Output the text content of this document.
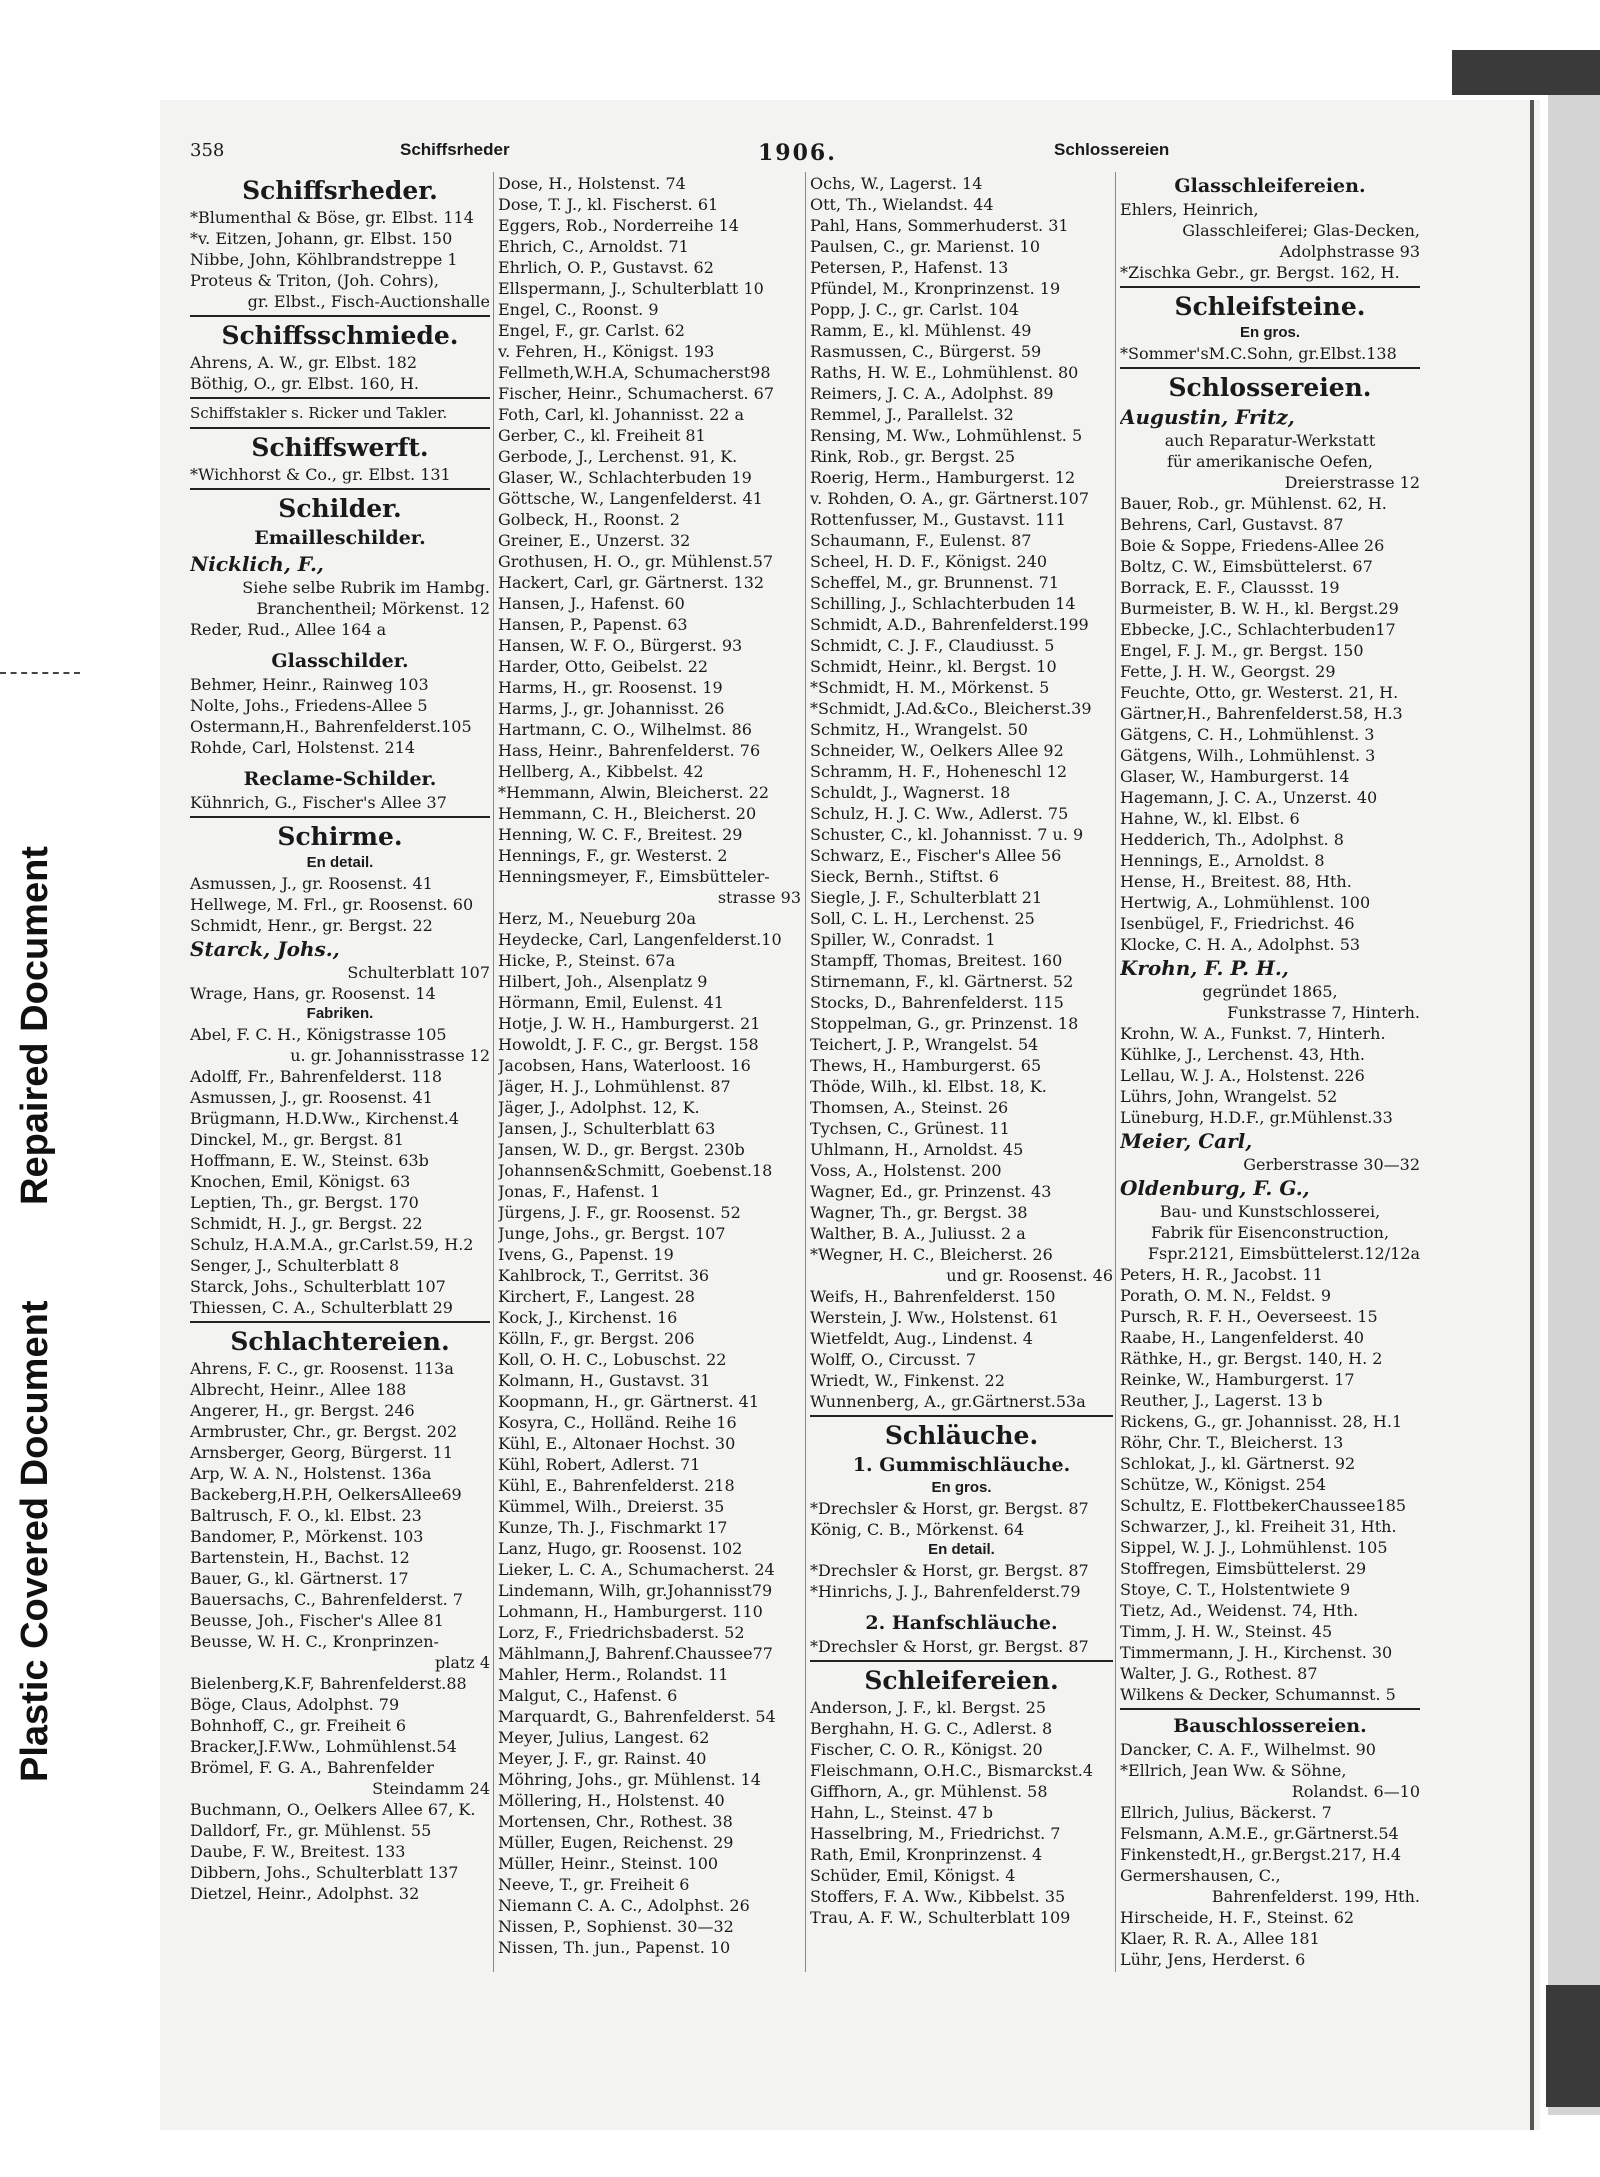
Plastic Covered Document
Repaired Document
358	Schiffsrheder	1906.	Schlossereien
Schiffsrheder.
*Blumenthal & Böse, gr. Elbst. 114
*v. Eitzen, Johann, gr. Elbst. 150
Nibbe, John, Köhlbrandstreppe 1
Proteus & Triton, (Joh. Cohrs),
gr. Elbst., Fisch-Auctionshalle
Schiffsschmiede.
Ahrens, A. W., gr. Elbst. 182
Böthig, O., gr. Elbst. 160, H.
Schiffstakler s. Ricker und Takler.
Schiffswerft.
*Wichhorst & Co., gr. Elbst. 131
Schilder.
Emailleschilder.
Nicklich, F.,
Siehe selbe Rubrik im Hambg.
Branchentheil; Mörkenst. 12
Reder, Rud., Allee 164 a
Glasschilder.
Behmer, Heinr., Rainweg 103
Nolte, Johs., Friedens-Allee 5
Ostermann,H., Bahrenfelderst.105
Rohde, Carl, Holstenst. 214
Reclame-Schilder.
Kühnrich, G., Fischer's Allee 37
Schirme.
En detail.
Asmussen, J., gr. Roosenst. 41
Hellwege, M. Frl., gr. Roosenst. 60
Schmidt, Henr., gr. Bergst. 22
Starck, Johs.,
Schulterblatt 107
Wrage, Hans, gr. Roosenst. 14
Fabriken.
Abel, F. C. H., Königstrasse 105
u. gr. Johannisstrasse 12
Adolff, Fr., Bahrenfelderst. 118
Asmussen, J., gr. Roosenst. 41
Brügmann, H.D.Ww., Kirchenst.4
Dinckel, M., gr. Bergst. 81
Hoffmann, E. W., Steinst. 63b
Knochen, Emil, Königst. 63
Leptien, Th., gr. Bergst. 170
Schmidt, H. J., gr. Bergst. 22
Schulz, H.A.M.A., gr.Carlst.59, H.2
Senger, J., Schulterblatt 8
Starck, Johs., Schulterblatt 107
Thiessen, C. A., Schulterblatt 29
Schlachtereien.
Ahrens, F. C., gr. Roosenst. 113a
Albrecht, Heinr., Allee 188
Angerer, H., gr. Bergst. 246
Armbruster, Chr., gr. Bergst. 202
Arnsberger, Georg, Bürgerst. 11
Arp, W. A. N., Holstenst. 136a
Backeberg,H.P.H, OelkersAllee69
Baltrusch, F. O., kl. Elbst. 23
Bandomer, P., Mörkenst. 103
Bartenstein, H., Bachst. 12
Bauer, G., kl. Gärtnerst. 17
Bauersachs, C., Bahrenfelderst. 7
Beusse, Joh., Fischer's Allee 81
Beusse, W. H. C., Kronprinzen-
platz 4
Bielenberg,K.F, Bahrenfelderst.88
Böge, Claus, Adolphst. 79
Bohnhoff, C., gr. Freiheit 6
Bracker,J.F.Ww., Lohmühlenst.54
Brömel, F. G. A., Bahrenfelder
Steindamm 24
Buchmann, O., Oelkers Allee 67, K.
Dalldorf, Fr., gr. Mühlenst. 55
Daube, F. W., Breitest. 133
Dibbern, Johs., Schulterblatt 137
Dietzel, Heinr., Adolphst. 32
Dose, H., Holstenst. 74
Dose, T. J., kl. Fischerst. 61
Eggers, Rob., Norderreihe 14
Ehrich, C., Arnoldst. 71
Ehrlich, O. P., Gustavst. 62
Ellspermann, J., Schulterblatt 10
Engel, C., Roonst. 9
Engel, F., gr. Carlst. 62
v. Fehren, H., Königst. 193
Fellmeth,W.H.A, Schumacherst98
Fischer, Heinr., Schumacherst. 67
Foth, Carl, kl. Johannisst. 22 a
Gerber, C., kl. Freiheit 81
Gerbode, J., Lerchenst. 91, K.
Glaser, W., Schlachterbuden 19
Göttsche, W., Langenfelderst. 41
Golbeck, H., Roonst. 2
Greiner, E., Unzerst. 32
Grothusen, H. O., gr. Mühlenst.57
Hackert, Carl, gr. Gärtnerst. 132
Hansen, J., Hafenst. 60
Hansen, P., Papenst. 63
Hansen, W. F. O., Bürgerst. 93
Harder, Otto, Geibelst. 22
Harms, H., gr. Roosenst. 19
Harms, J., gr. Johannisst. 26
Hartmann, C. O., Wilhelmst. 86
Hass, Heinr., Bahrenfelderst. 76
Hellberg, A., Kibbelst. 42
*Hemmann, Alwin, Bleicherst. 22
Hemmann, C. H., Bleicherst. 20
Henning, W. C. F., Breitest. 29
Hennings, F., gr. Westerst. 2
Henningsmeyer, F., Eimsbütteler-
strasse 93
Herz, M., Neueburg 20a
Heydecke, Carl, Langenfelderst.10
Hicke, P., Steinst. 67a
Hilbert, Joh., Alsenplatz 9
Hörmann, Emil, Eulenst. 41
Hotje, J. W. H., Hamburgerst. 21
Howoldt, J. F. C., gr. Bergst. 158
Jacobsen, Hans, Waterloost. 16
Jäger, H. J., Lohmühlenst. 87
Jäger, J., Adolphst. 12, K.
Jansen, J., Schulterblatt 63
Jansen, W. D., gr. Bergst. 230b
Johannsen&Schmitt, Goebenst.18
Jonas, F., Hafenst. 1
Jürgens, J. F., gr. Roosenst. 52
Junge, Johs., gr. Bergst. 107
Ivens, G., Papenst. 19
Kahlbrock, T., Gerritst. 36
Kirchert, F., Langest. 28
Kock, J., Kirchenst. 16
Kölln, F., gr. Bergst. 206
Koll, O. H. C., Lobuschst. 22
Kolmann, H., Gustavst. 31
Koopmann, H., gr. Gärtnerst. 41
Kosyra, C., Holländ. Reihe 16
Kühl, E., Altonaer Hochst. 30
Kühl, Robert, Adlerst. 71
Kühl, E., Bahrenfelderst. 218
Kümmel, Wilh., Dreierst. 35
Kunze, Th. J., Fischmarkt 17
Lanz, Hugo, gr. Roosenst. 102
Lieker, L. C. A., Schumacherst. 24
Lindemann, Wilh, gr.Johannisst79
Lohmann, H., Hamburgerst. 110
Lorz, F., Friedrichsbaderst. 52
Mählmann,J, Bahrenf.Chaussee77
Mahler, Herm., Rolandst. 11
Malgut, C., Hafenst. 6
Marquardt, G., Bahrenfelderst. 54
Meyer, Julius, Langest. 62
Meyer, J. F., gr. Rainst. 40
Möhring, Johs., gr. Mühlenst. 14
Möllering, H., Holstenst. 40
Mortensen, Chr., Rothest. 38
Müller, Eugen, Reichenst. 29
Müller, Heinr., Steinst. 100
Neeve, T., gr. Freiheit 6
Niemann C. A. C., Adolphst. 26
Nissen, P., Sophienst. 30—32
Nissen, Th. jun., Papenst. 10
Ochs, W., Lagerst. 14
Ott, Th., Wielandst. 44
Pahl, Hans, Sommerhuderst. 31
Paulsen, C., gr. Marienst. 10
Petersen, P., Hafenst. 13
Pfündel, M., Kronprinzenst. 19
Popp, J. C., gr. Carlst. 104
Ramm, E., kl. Mühlenst. 49
Rasmussen, C., Bürgerst. 59
Raths, H. W. E., Lohmühlenst. 80
Reimers, J. C. A., Adolphst. 89
Remmel, J., Parallelst. 32
Rensing, M. Ww., Lohmühlenst. 5
Rink, Rob., gr. Bergst. 25
Roerig, Herm., Hamburgerst. 12
v. Rohden, O. A., gr. Gärtnerst.107
Rottenfusser, M., Gustavst. 111
Schaumann, F., Eulenst. 87
Scheel, H. D. F., Königst. 240
Scheffel, M., gr. Brunnenst. 71
Schilling, J., Schlachterbuden 14
Schmidt, A.D., Bahrenfelderst.199
Schmidt, C. J. F., Claudiusst. 5
Schmidt, Heinr., kl. Bergst. 10
*Schmidt, H. M., Mörkenst. 5
*Schmidt, J.Ad.&Co., Bleicherst.39
Schmitz, H., Wrangelst. 50
Schneider, W., Oelkers Allee 92
Schramm, H. F., Hoheneschl 12
Schuldt, J., Wagnerst. 18
Schulz, H. J. C. Ww., Adlerst. 75
Schuster, C., kl. Johannisst. 7 u. 9
Schwarz, E., Fischer's Allee 56
Sieck, Bernh., Stiftst. 6
Siegle, J. F., Schulterblatt 21
Soll, C. L. H., Lerchenst. 25
Spiller, W., Conradst. 1
Stampff, Thomas, Breitest. 160
Stirnemann, F., kl. Gärtnerst. 52
Stocks, D., Bahrenfelderst. 115
Stoppelman, G., gr. Prinzenst. 18
Teichert, J. P., Wrangelst. 54
Thews, H., Hamburgerst. 65
Thöde, Wilh., kl. Elbst. 18, K.
Thomsen, A., Steinst. 26
Tychsen, C., Grünest. 11
Uhlmann, H., Arnoldst. 45
Voss, A., Holstenst. 200
Wagner, Ed., gr. Prinzenst. 43
Wagner, Th., gr. Bergst. 38
Walther, B. A., Juliusst. 2 a
*Wegner, H. C., Bleicherst. 26
und gr. Roosenst. 46
Weifs, H., Bahrenfelderst. 150
Werstein, J. Ww., Holstenst. 61
Wietfeldt, Aug., Lindenst. 4
Wolff, O., Circusst. 7
Wriedt, W., Finkenst. 22
Wunnenberg, A., gr.Gärtnerst.53a
Schläuche.
1. Gummischläuche.
En gros.
*Drechsler & Horst, gr. Bergst. 87
König, C. B., Mörkenst. 64
En detail.
*Drechsler & Horst, gr. Bergst. 87
*Hinrichs, J. J., Bahrenfelderst.79
2. Hanfschläuche.
*Drechsler & Horst, gr. Bergst. 87
Schleifereien.
Anderson, J. F., kl. Bergst. 25
Berghahn, H. G. C., Adlerst. 8
Fischer, C. O. R., Königst. 20
Fleischmann, O.H.C., Bismarckst.4
Giffhorn, A., gr. Mühlenst. 58
Hahn, L., Steinst. 47 b
Hasselbring, M., Friedrichst. 7
Rath, Emil, Kronprinzenst. 4
Schüder, Emil, Königst. 4
Stoffers, F. A. Ww., Kibbelst. 35
Trau, A. F. W., Schulterblatt 109
Glasschleifereien.
Ehlers, Heinrich,
Glasschleiferei; Glas-Decken,
Adolphstrasse 93
*Zischka Gebr., gr. Bergst. 162, H.
Schleifsteine.
En gros.
*Sommer'sM.C.Sohn, gr.Elbst.138
Schlossereien.
Augustin, Fritz,
auch Reparatur-Werkstatt
für amerikanische Oefen,
Dreierstrasse 12
Bauer, Rob., gr. Mühlenst. 62, H.
Behrens, Carl, Gustavst. 87
Boie & Soppe, Friedens-Allee 26
Boltz, C. W., Eimsbüttelerst. 67
Borrack, E. F., Claussst. 19
Burmeister, B. W. H., kl. Bergst.29
Ebbecke, J.C., Schlachterbuden17
Engel, F. J. M., gr. Bergst. 150
Fette, J. H. W., Georgst. 29
Feuchte, Otto, gr. Westerst. 21, H.
Gärtner,H., Bahrenfelderst.58, H.3
Gätgens, C. H., Lohmühlenst. 3
Gätgens, Wilh., Lohmühlenst. 3
Glaser, W., Hamburgerst. 14
Hagemann, J. C. A., Unzerst. 40
Hahne, W., kl. Elbst. 6
Hedderich, Th., Adolphst. 8
Hennings, E., Arnoldst. 8
Hense, H., Breitest. 88, Hth.
Hertwig, A., Lohmühlenst. 100
Isenbügel, F., Friedrichst. 46
Klocke, C. H. A., Adolphst. 53
Krohn, F. P. H.,
gegründet 1865,
Funkstrasse 7, Hinterh.
Krohn, W. A., Funkst. 7, Hinterh.
Kühlke, J., Lerchenst. 43, Hth.
Lellau, W. J. A., Holstenst. 226
Lührs, John, Wrangelst. 52
Lüneburg, H.D.F., gr.Mühlenst.33
Meier, Carl,
Gerberstrasse 30—32
Oldenburg, F. G.,
Bau- und Kunstschlosserei,
Fabrik für Eisenconstruction,
Fspr.2121, Eimsbüttelerst.12/12a
Peters, H. R., Jacobst. 11
Porath, O. M. N., Feldst. 9
Pursch, R. F. H., Oeverseest. 15
Raabe, H., Langenfelderst. 40
Räthke, H., gr. Bergst. 140, H. 2
Reinke, W., Hamburgerst. 17
Reuther, J., Lagerst. 13 b
Rickens, G., gr. Johannisst. 28, H.1
Röhr, Chr. T., Bleicherst. 13
Schlokat, J., kl. Gärtnerst. 92
Schütze, W., Königst. 254
Schultz, E. FlottbekerChaussee185
Schwarzer, J., kl. Freiheit 31, Hth.
Sippel, W. J. J., Lohmühlenst. 105
Stoffregen, Eimsbüttelerst. 29
Stoye, C. T., Holstentwiete 9
Tietz, Ad., Weidenst. 74, Hth.
Timm, J. H. W., Steinst. 45
Timmermann, J. H., Kirchenst. 30
Walter, J. G., Rothest. 87
Wilkens & Decker, Schumannst. 5
Bauschlossereien.
Dancker, C. A. F., Wilhelmst. 90
*Ellrich, Jean Ww. & Söhne,
Rolandst. 6—10
Ellrich, Julius, Bäckerst. 7
Felsmann, A.M.E., gr.Gärtnerst.54
Finkenstedt,H., gr.Bergst.217, H.4
Germershausen, C.,
Bahrenfelderst. 199, Hth.
Hirscheide, H. F., Steinst. 62
Klaer, R. R. A., Allee 181
Lühr, Jens, Herderst. 6
